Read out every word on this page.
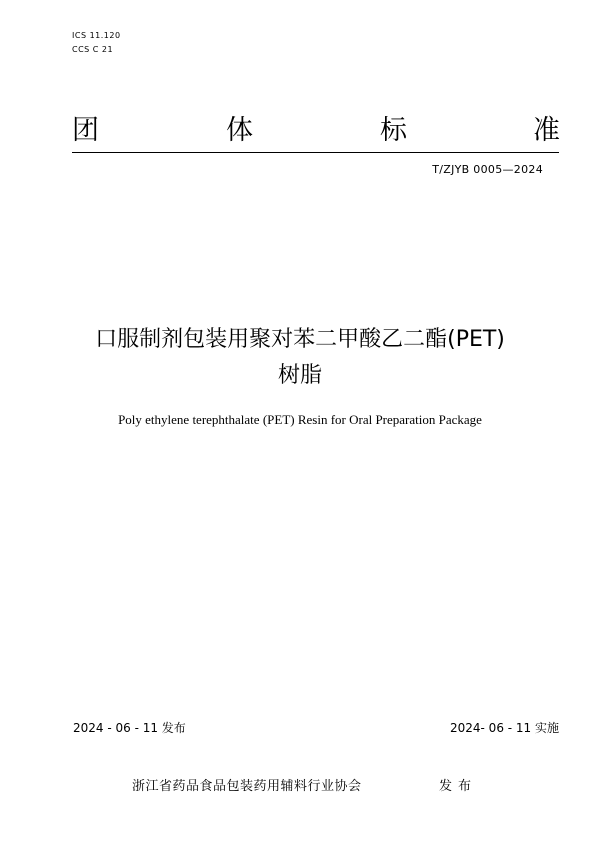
ICS 11.120
CCS C 21
团	体	标	准
T/ZJYB 0005—2024
口服制剂包装用聚对苯二甲酸乙二酯(PET)
树脂
Poly ethylene terephthalate (PET) Resin for Oral Preparation Package
2024 - 06 - 11 发布	2024- 06 - 11 实施
浙江省药品食品包装药用辅料行业协会	发布
